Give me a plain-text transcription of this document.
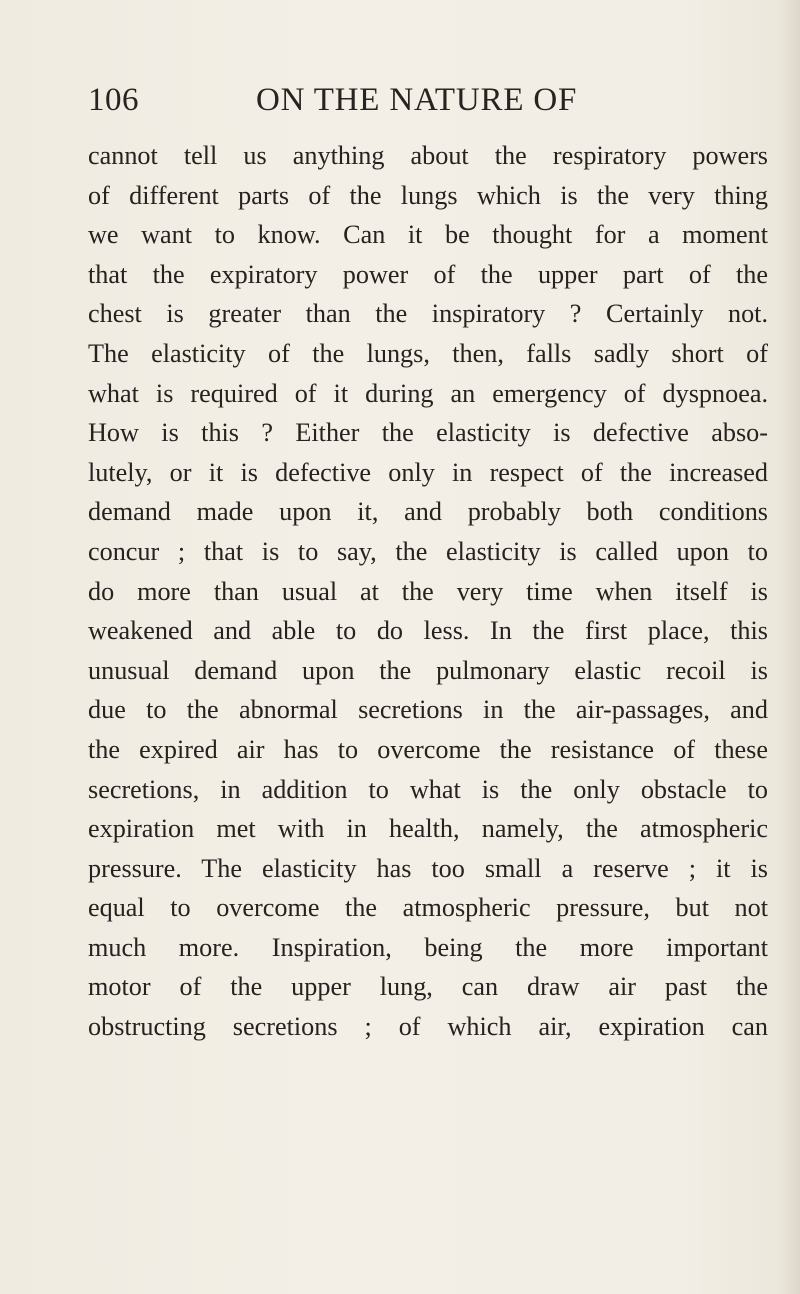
106	ON THE NATURE OF
cannot tell us anything about the respiratory powers
of different parts of the lungs which is the very thing
we want to know. Can it be thought for a moment
that the expiratory power of the upper part of the
chest is greater than the inspiratory ? Certainly not.
The elasticity of the lungs, then, falls sadly short of
what is required of it during an emergency of dyspnoea.
How is this ? Either the elasticity is defective abso-
lutely, or it is defective only in respect of the increased
demand made upon it, and probably both conditions
concur ; that is to say, the elasticity is called upon to
do more than usual at the very time when itself is
weakened and able to do less. In the first place, this
unusual demand upon the pulmonary elastic recoil is
due to the abnormal secretions in the air-passages, and
the expired air has to overcome the resistance of these
secretions, in addition to what is the only obstacle to
expiration met with in health, namely, the atmospheric
pressure. The elasticity has too small a reserve ; it is
equal to overcome the atmospheric pressure, but not
much more. Inspiration, being the more important
motor of the upper lung, can draw air past the
obstructing secretions ; of which air, expiration can
